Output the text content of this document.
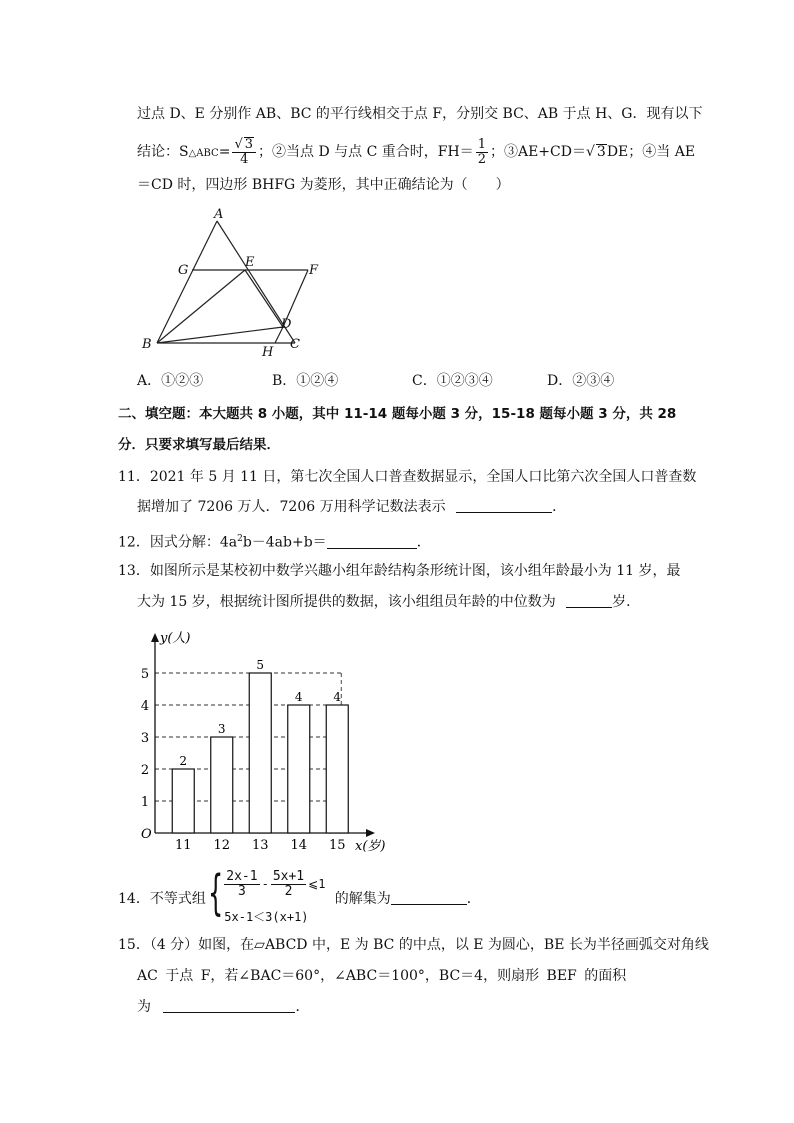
过点 D、E 分别作 AB、BC 的平行线相交于点 F，分别交 BC、AB 于点 H、G．现有以下
结论：S△ABC= $\frac{√ 3}{4}$ ；②当点 D 与点 C 重合时，$FH= \frac{1}{2}$ ；③AE+CD＝√ 3DE；④当 AE
＝CD 时，四边形 BHFG 为菱形，其中正确结论为（　　）
A
G
E
F
B
D
H
C
A．①②③	B．①②④	C．①②③④	D．②③④
二、填空题：本大题共 8 小题，其中 11-14 题每小题 3 分，15-18 题每小题 3 分，共 28
分．只要求填写最后结果．
11．2021 年 5 月 11 日，第七次全国人口普查数据显示，全国人口比第六次全国人口普查数
据增加了 7206 万人．7206 万用科学记数法表示	．
12．因式分解：$4a^2b-4ab+b=$	．
13．如图所示是某校初中数学兴趣小组年龄结构条形统计图，该小组年龄最小为 11 岁，最
大为 15 岁，根据统计图所提供的数据，该小组组员年龄的中位数为	岁．
y(人)
x(岁)
O
1
2
3
4
5
2
11
3
12
5
13
4
14
4
15
14．不等式组 { $\frac{2x-1}{3} - \frac{5x+1}{2}$ ⩽1
5x-1＜3(x+1)
的解集为	．
15．（4 分）如图，在▱ABCD 中，E 为 BC 的中点，以 E 为圆心，BE 长为半径画弧交对角线
AC 于点 F，若∠BAC＝60°，∠ABC＝100°，BC＝4，则扇形 BEF 的面积
为	．
